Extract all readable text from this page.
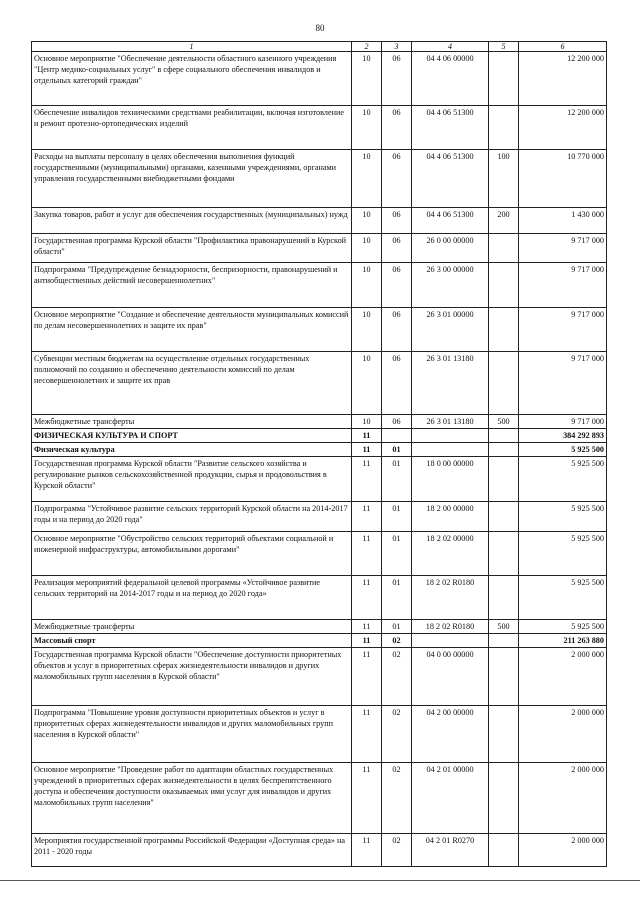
80
1	2	3	4	5	6
Основное мероприятие "Обеспечение деятельности областного казенного учреждения "Центр медико-социальных услуг" в сфере социального обеспечения инвалидов и отдельных категорий граждан"	10	06	04 4 06 00000		12 200 000
Обеспечение инвалидов техническими средствами реабилитации, включая изготовление и ремонт протезно-ортопедических изделий	10	06	04 4 06 51300		12 200 000
Расходы на выплаты персоналу в целях обеспечения выполнения функций государственными (муниципальными) органами, казенными учреждениями, органами управления государственными внебюджетными фондами	10	06	04 4 06 51300	100	10 770 000
Закупка товаров, работ и услуг для обеспечения государственных (муниципальных) нужд	10	06	04 4 06 51300	200	1 430 000
Государственная программа Курской области "Профилактика правонарушений в Курской области"	10	06	26 0 00 00000		9 717 000
Подпрограмма "Предупреждение безнадзорности, беспризорности, правонарушений и антиобщественных действий несовершеннолетних"	10	06	26 3 00 00000		9 717 000
Основное мероприятие "Создание и обеспечение деятельности муниципальных комиссий по делам несовершеннолетних и защите их прав"	10	06	26 3 01 00000		9 717 000
Субвенции местным бюджетам на осуществление отдельных государственных полномочий по созданию и обеспечению деятельности комиссий по делам несовершеннолетних и защите их прав	10	06	26 3 01 13180		9 717 000
Межбюджетные трансферты	10	06	26 3 01 13180	500	9 717 000
ФИЗИЧЕСКАЯ КУЛЬТУРА И СПОРТ	11				384 292 893
Физическая культура	11	01			5 925 500
Государственная программа Курской области "Развитие сельского хозяйства и регулирование рынков сельскохозяйственной продукции, сырья и продовольствия в Курской области"	11	01	18 0 00 00000		5 925 500
Подпрограмма "Устойчивое развитие сельских территорий Курской области на 2014-2017 годы и на период до 2020 года"	11	01	18 2 00 00000		5 925 500
Основное мероприятие "Обустройство сельских территорий объектами социальной и инженерной инфраструктуры, автомобильными дорогами"	11	01	18 2 02 00000		5 925 500
Реализация мероприятий федеральной целевой программы «Устойчивое развитие сельских территорий на 2014-2017 годы и на период до 2020 года»	11	01	18 2 02 R0180		5 925 500
Межбюджетные трансферты	11	01	18 2 02 R0180	500	5 925 500
Массовый спорт	11	02			211 263 880
Государственная программа Курской области "Обеспечение доступности приоритетных объектов и услуг в приоритетных сферах жизнедеятельности инвалидов и других маломобильных групп населения в Курской области"	11	02	04 0 00 00000		2 000 000
Подпрограмма "Повышение уровня доступности приоритетных объектов и услуг в приоритетных сферах жизнедеятельности инвалидов и других маломобильных групп населения в Курской области"	11	02	04 2 00 00000		2 000 000
Основное мероприятие "Проведение работ по адаптации областных государственных учреждений в приоритетных сферах жизнедеятельности в целях беспрепятственного доступа и обеспечения доступности оказываемых ими услуг для инвалидов и других маломобильных групп населения"	11	02	04 2 01 00000		2 000 000
Мероприятия государственной программы Российской Федерации «Доступная среда» на 2011 - 2020 годы	11	02	04 2 01 R0270		2 000 000
